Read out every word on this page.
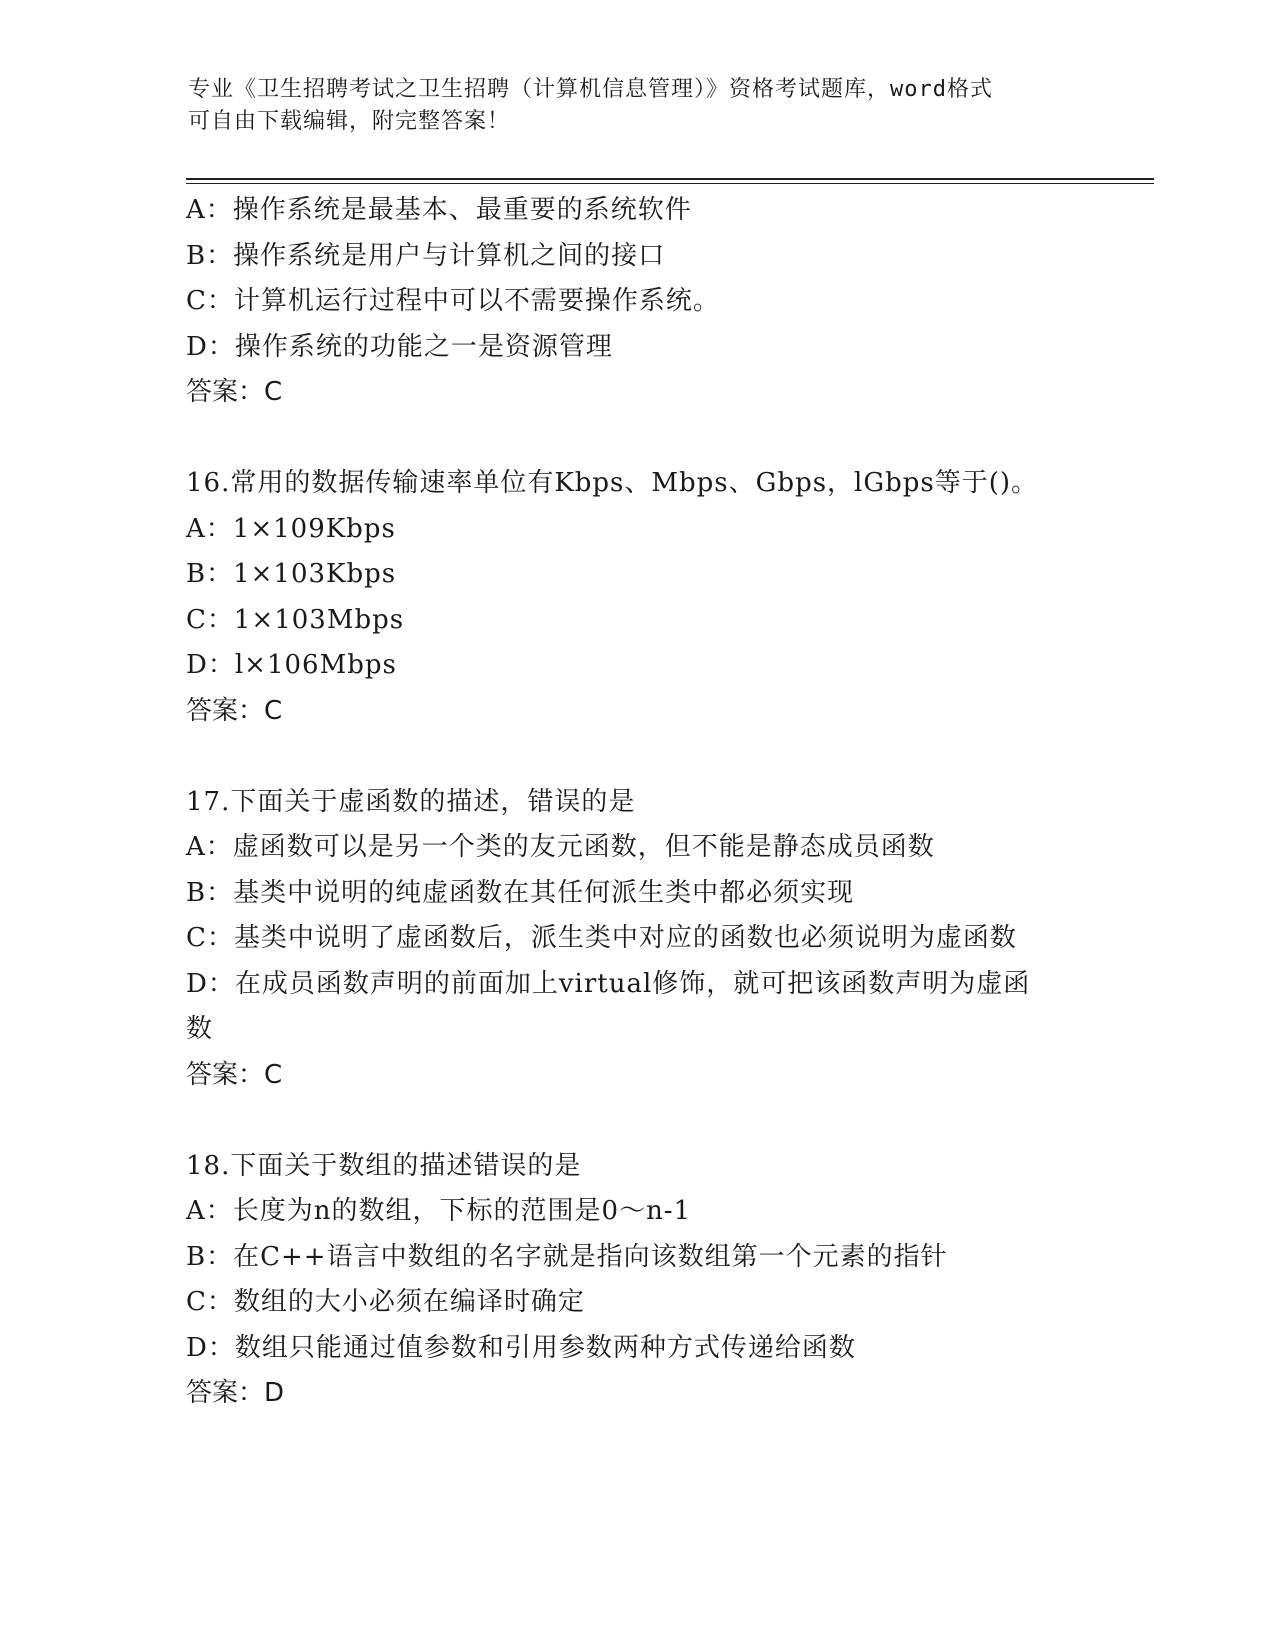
专业《卫生招聘考试之卫生招聘（计算机信息管理）》资格考试题库，word格式
可自由下载编辑，附完整答案！
A：操作系统是最基本、最重要的系统软件
B：操作系统是用户与计算机之间的接口
C：计算机运行过程中可以不需要操作系统。
D：操作系统的功能之一是资源管理
答案：C
16.常用的数据传输速率单位有Kbps、Mbps、Gbps，lGbps等于()。
A：1×109Kbps
B：1×103Kbps
C：1×103Mbps
D：l×106Mbps
答案：C
17.下面关于虚函数的描述，错误的是
A：虚函数可以是另一个类的友元函数，但不能是静态成员函数
B：基类中说明的纯虚函数在其任何派生类中都必须实现
C：基类中说明了虚函数后，派生类中对应的函数也必须说明为虚函数
D：在成员函数声明的前面加上virtual修饰，就可把该函数声明为虚函数
答案：C
18.下面关于数组的描述错误的是
A：长度为n的数组，下标的范围是0～n-1
B：在C++语言中数组的名字就是指向该数组第一个元素的指针
C：数组的大小必须在编译时确定
D：数组只能通过值参数和引用参数两种方式传递给函数
答案：D
